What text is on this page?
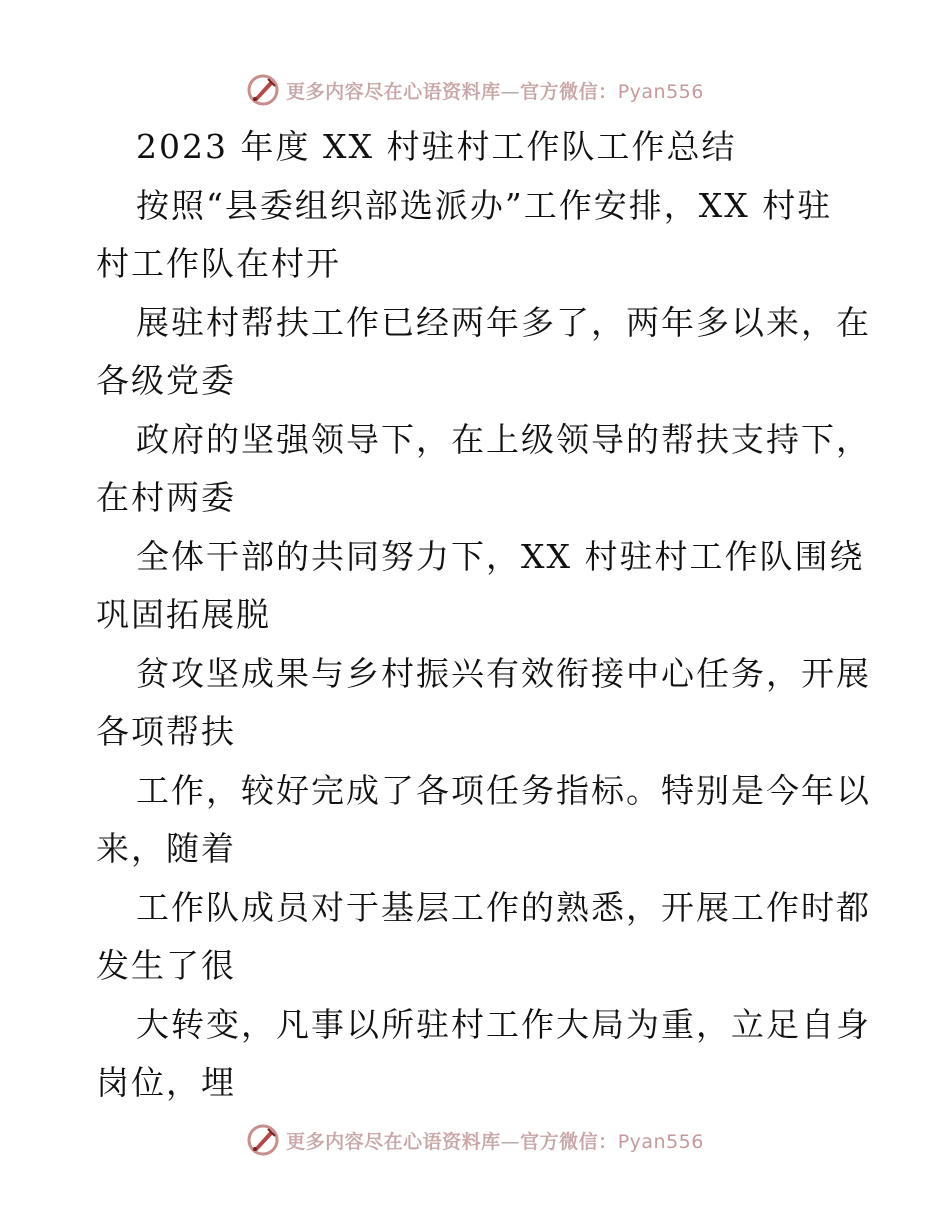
更多内容尽在心语资料库—官方微信：Pyan556
2023 年度 XX 村驻村工作队工作总结
按照“县委组织部选派办”工作安排，XX 村驻
村工作队在村开
展驻村帮扶工作已经两年多了，两年多以来，在
各级党委
政府的坚强领导下，在上级领导的帮扶支持下，
在村两委
全体干部的共同努力下，XX 村驻村工作队围绕
巩固拓展脱
贫攻坚成果与乡村振兴有效衔接中心任务，开展
各项帮扶
工作，较好完成了各项任务指标。特别是今年以
来，随着
工作队成员对于基层工作的熟悉，开展工作时都
发生了很
大转变，凡事以所驻村工作大局为重，立足自身
岗位，埋
更多内容尽在心语资料库—官方微信：Pyan556
